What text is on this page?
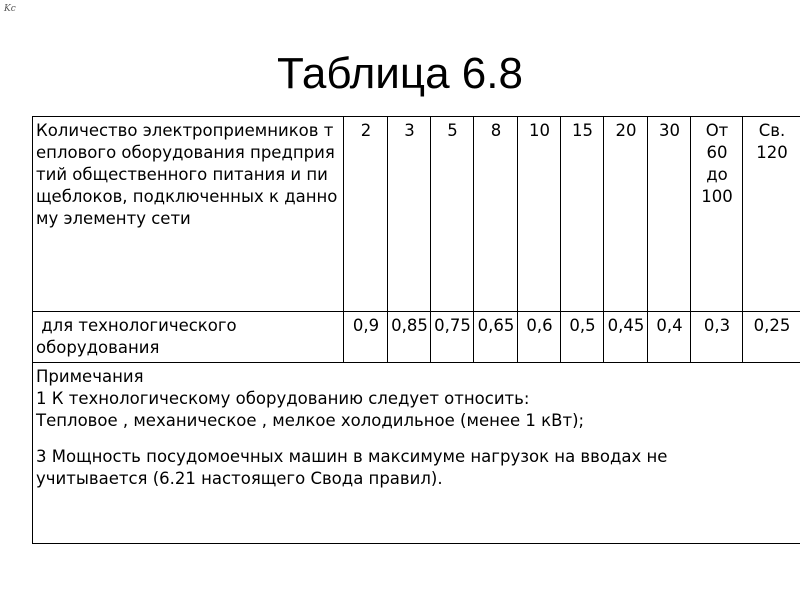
Kc
Таблица 6.8
Количество электроприемников теплового оборудования предприятий общественного питания и пищеблоков, подключенных к данному элементу сети	2	3	5	8	10	15	20	30	От 60 до 100	Св. 120
для технологического оборудования	0,9	0,85	0,75	0,65	0,6	0,5	0,45	0,4	0,3	0,25

Примечания
1 К технологическому оборудованию следует относить:
Тепловое , механическое , мелкое холодильное (менее 1 кВт);
3 Мощность посудомоечных машин в максимуме нагрузок на вводах не
учитывается (6.21 настоящего Свода правил).										
